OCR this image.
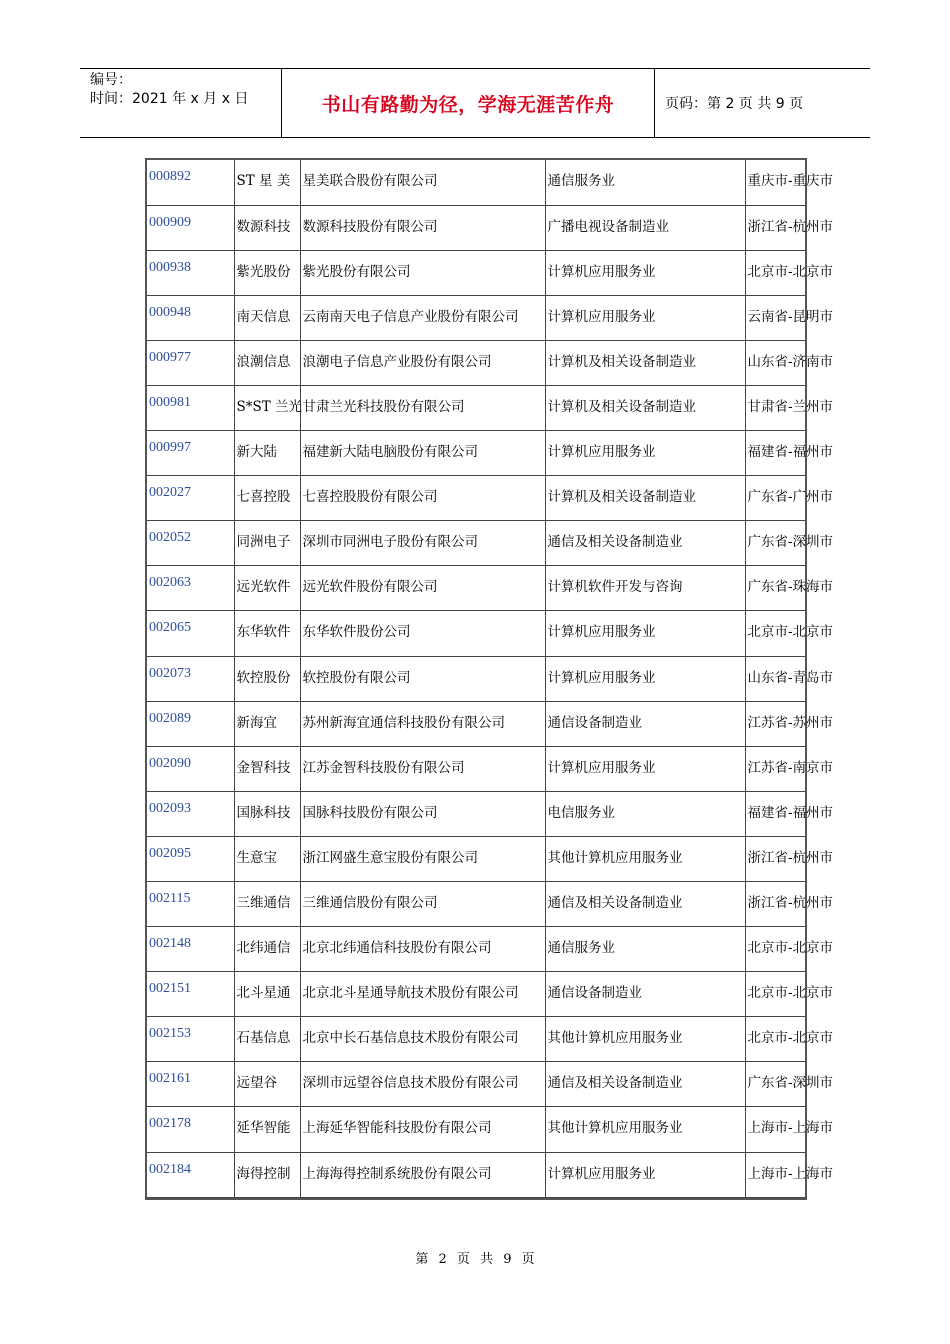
编号：
时间：2021 年 x 月 x 日	书山有路勤为径，学海无涯苦作舟	页码：第 2 页 共 9 页
000892	ST 星 美	星美联合股份有限公司	通信服务业	重庆市-重庆市
000909	数源科技	数源科技股份有限公司	广播电视设备制造业	浙江省-杭州市
000938	紫光股份	紫光股份有限公司	计算机应用服务业	北京市-北京市
000948	南天信息	云南南天电子信息产业股份有限公司	计算机应用服务业	云南省-昆明市
000977	浪潮信息	浪潮电子信息产业股份有限公司	计算机及相关设备制造业	山东省-济南市
000981	S*ST 兰光	甘肃兰光科技股份有限公司	计算机及相关设备制造业	甘肃省-兰州市
000997	新大陆	福建新大陆电脑股份有限公司	计算机应用服务业	福建省-福州市
002027	七喜控股	七喜控股股份有限公司	计算机及相关设备制造业	广东省-广州市
002052	同洲电子	深圳市同洲电子股份有限公司	通信及相关设备制造业	广东省-深圳市
002063	远光软件	远光软件股份有限公司	计算机软件开发与咨询	广东省-珠海市
002065	东华软件	东华软件股份公司	计算机应用服务业	北京市-北京市
002073	软控股份	软控股份有限公司	计算机应用服务业	山东省-青岛市
002089	新海宜	苏州新海宜通信科技股份有限公司	通信设备制造业	江苏省-苏州市
002090	金智科技	江苏金智科技股份有限公司	计算机应用服务业	江苏省-南京市
002093	国脉科技	国脉科技股份有限公司	电信服务业	福建省-福州市
002095	生意宝	浙江网盛生意宝股份有限公司	其他计算机应用服务业	浙江省-杭州市
002115	三维通信	三维通信股份有限公司	通信及相关设备制造业	浙江省-杭州市
002148	北纬通信	北京北纬通信科技股份有限公司	通信服务业	北京市-北京市
002151	北斗星通	北京北斗星通导航技术股份有限公司	通信设备制造业	北京市-北京市
002153	石基信息	北京中长石基信息技术股份有限公司	其他计算机应用服务业	北京市-北京市
002161	远望谷	深圳市远望谷信息技术股份有限公司	通信及相关设备制造业	广东省-深圳市
002178	延华智能	上海延华智能科技股份有限公司	其他计算机应用服务业	上海市-上海市
002184	海得控制	上海海得控制系统股份有限公司	计算机应用服务业	上海市-上海市
第 2 页 共 9 页
